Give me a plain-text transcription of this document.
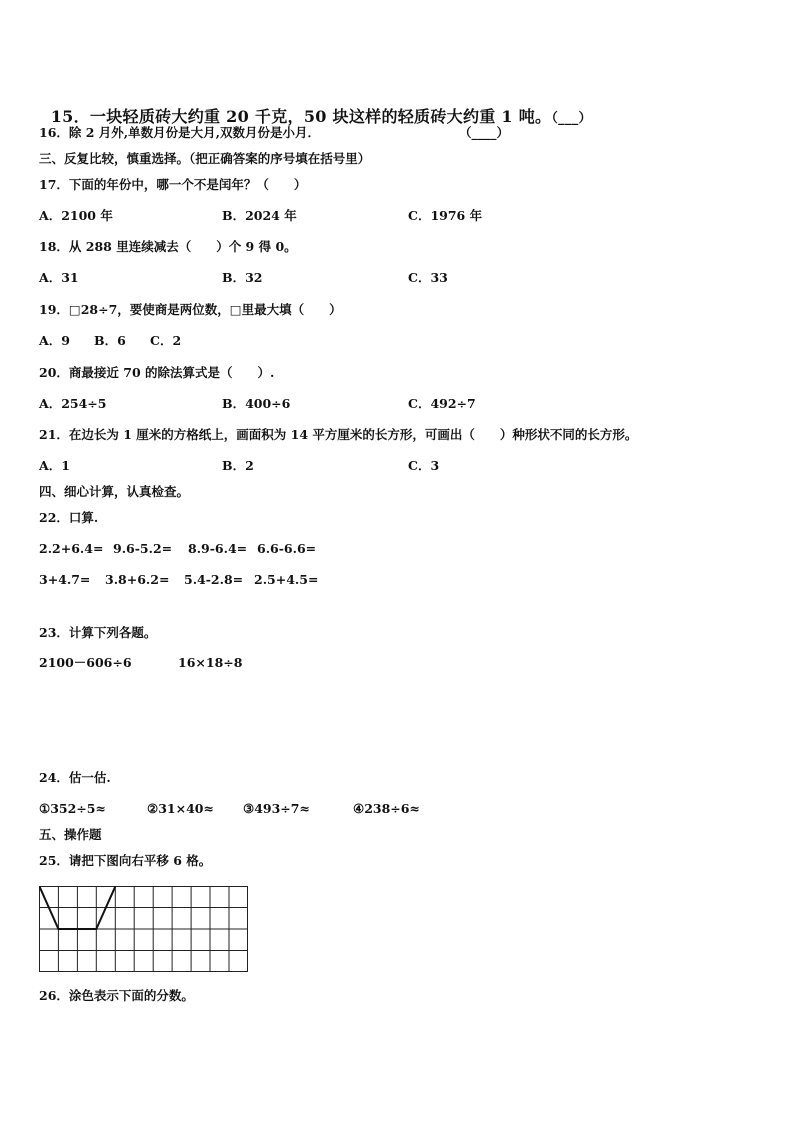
15．一块轻质砖大约重 20 千克，50 块这样的轻质砖大约重 1 吨。（___）

16．除 2 月外,单数月份是大月,双数月份是小月．	（____）
三、反复比较，慎重选择。（把正确答案的序号填在括号里）
17．下面的年份中，哪一个不是闰年？（　　）
A．2100 年	B．2024 年	C．1976 年
18．从 288 里连续减去（　　）个 9 得 0。
A．31	B．32	C．33
19．□28÷7，要使商是两位数，□里最大填（　　）
A．9 B．6 C．2
20．商最接近 70 的除法算式是（　　）.
A．254÷5	B．400÷6	C．492÷7
21．在边长为 1 厘米的方格纸上，画面积为 14 平方厘米的长方形，可画出（　　）种形状不同的长方形。
A．1	B．2	C．3
四、细心计算，认真检查。
22．口算.
2.2+6.4= 9.6-5.2= 8.9-6.4= 6.6-6.6=
3+4.7= 3.8+6.2= 5.4-2.8= 2.5+4.5=
23．计算下列各题。
2100－606÷6	16×18÷8
24．估一估.
①352÷5≈	②31×40≈ ③493÷7≈	④238÷6≈
五、操作题
25．请把下图向右平移 6 格。
26．涂色表示下面的分数。
